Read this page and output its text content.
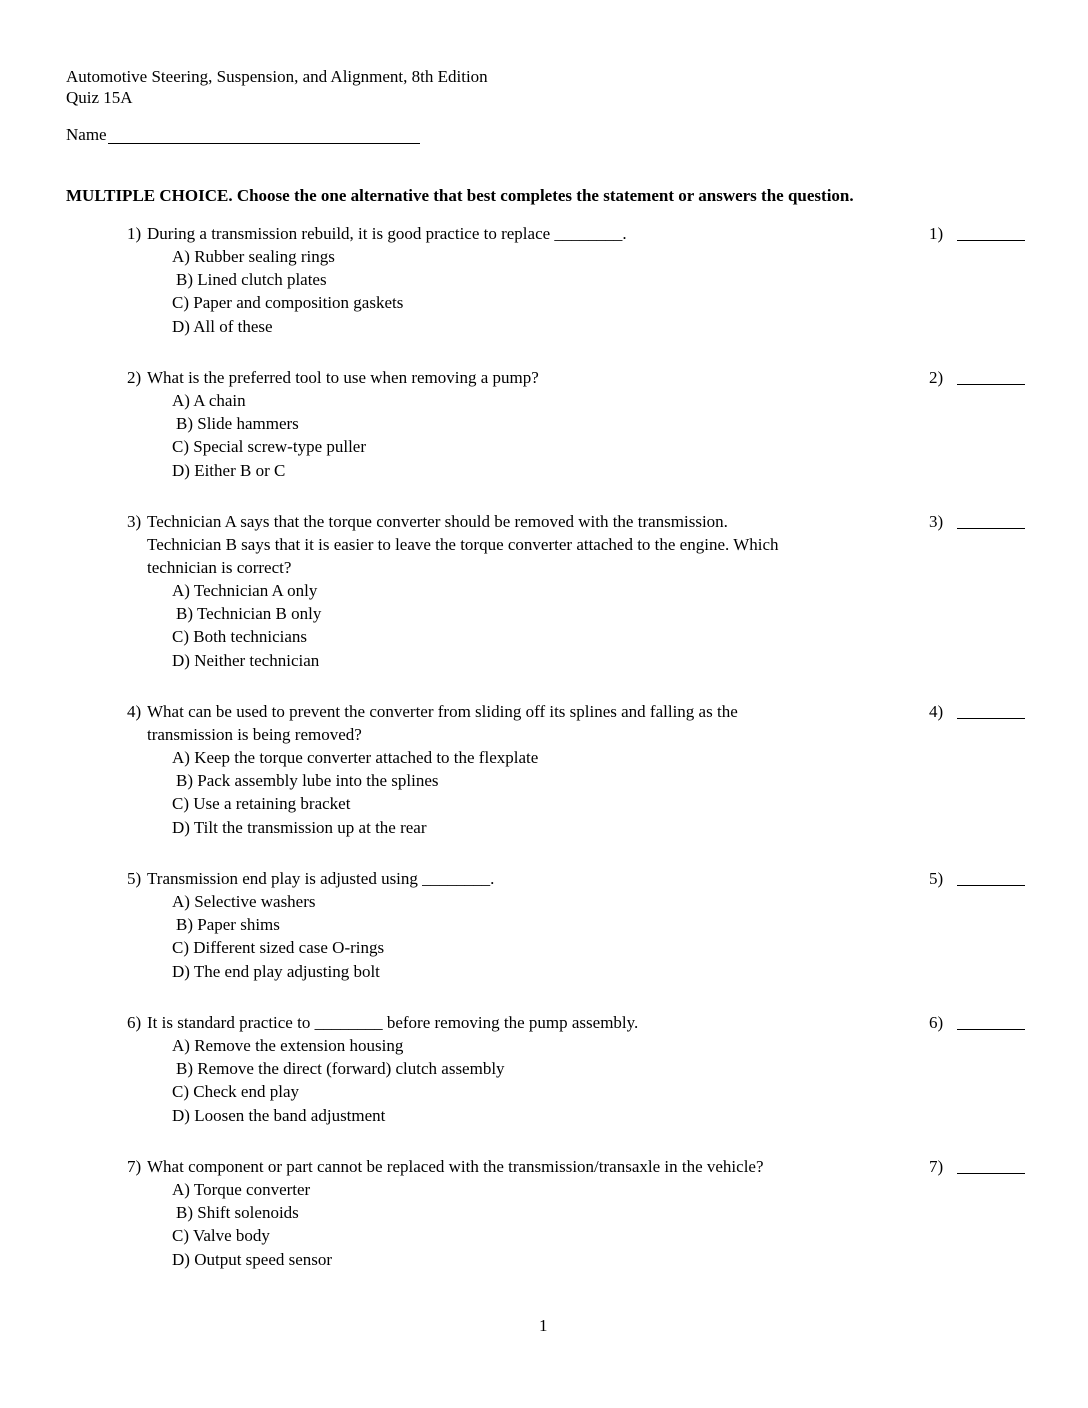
Automotive Steering, Suspension, and Alignment, 8th Edition
Quiz 15A
Name
MULTIPLE CHOICE. Choose the one alternative that best completes the statement or answers the question.
1) During a transmission rebuild, it is good practice to replace ________.
A) Rubber sealing rings
B) Lined clutch plates
C) Paper and composition gaskets
D) All of these
1)
2) What is the preferred tool to use when removing a pump?
A) A chain
B) Slide hammers
C) Special screw-type puller
D) Either B or C
2)
3) Technician A says that the torque converter should be removed with the transmission.
Technician B says that it is easier to leave the torque converter attached to the engine. Which
technician is correct?
A) Technician A only
B) Technician B only
C) Both technicians
D) Neither technician
3)
4) What can be used to prevent the converter from sliding off its splines and falling as the
transmission is being removed?
A) Keep the torque converter attached to the flexplate
B) Pack assembly lube into the splines
C) Use a retaining bracket
D) Tilt the transmission up at the rear
4)
5) Transmission end play is adjusted using ________.
A) Selective washers
B) Paper shims
C) Different sized case O-rings
D) The end play adjusting bolt
5)
6) It is standard practice to ________ before removing the pump assembly.
A) Remove the extension housing
B) Remove the direct (forward) clutch assembly
C) Check end play
D) Loosen the band adjustment
6)
7) What component or part cannot be replaced with the transmission/transaxle in the vehicle?
A) Torque converter
B) Shift solenoids
C) Valve body
D) Output speed sensor
7)
1
